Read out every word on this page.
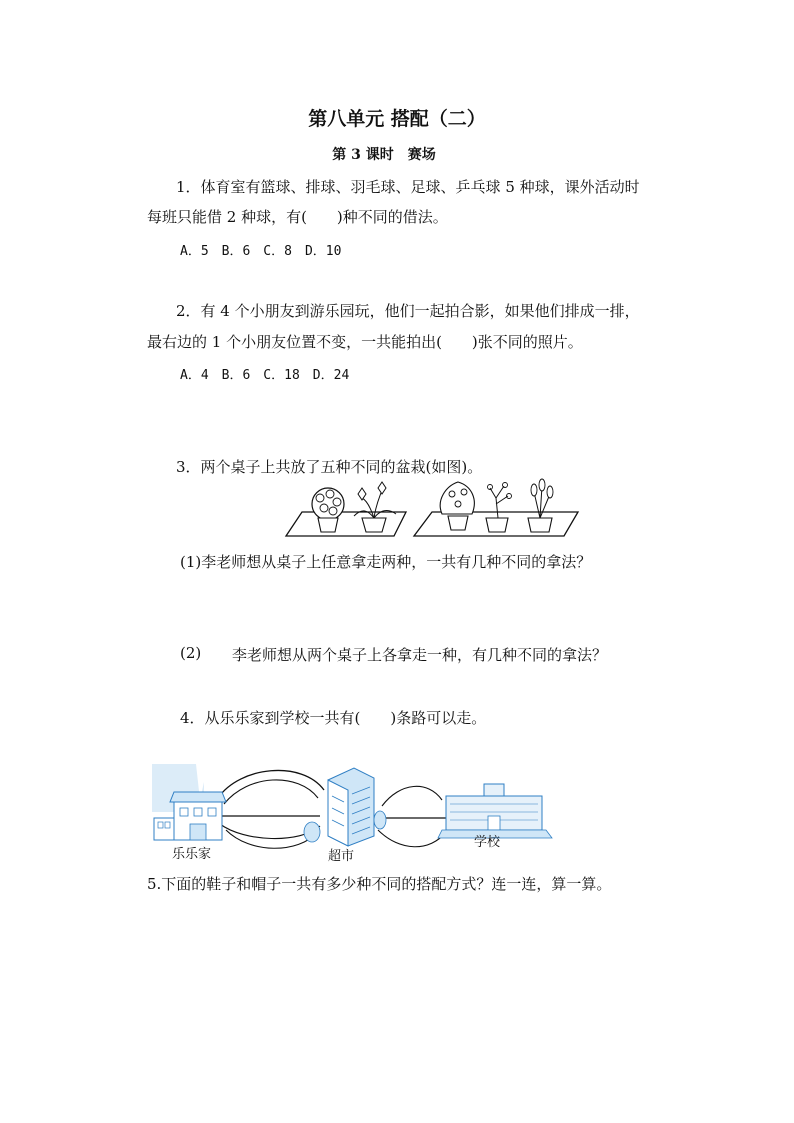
第八单元 搭配（二）
第 3 课时　赛场
1．体育室有篮球、排球、羽毛球、足球、乒乓球 5 种球，课外活动时
每班只能借 2 种球，有(　　)种不同的借法。
A．5　B．6　C．8　D．10
2．有 4 个小朋友到游乐园玩，他们一起拍合影，如果他们排成一排，
最右边的 1 个小朋友位置不变，一共能拍出(　　)张不同的照片。
A．4　B．6　C．18　D．24
3．两个桌子上共放了五种不同的盆栽(如图)。
(1)李老师想从桌子上任意拿走两种，一共有几种不同的拿法？
(2) 李老师想从两个桌子上各拿走一种，有几种不同的拿法？
4．从乐乐家到学校一共有(　　)条路可以走。
乐乐家	超市
学校
5.下面的鞋子和帽子一共有多少种不同的搭配方式？连一连，算一算。
